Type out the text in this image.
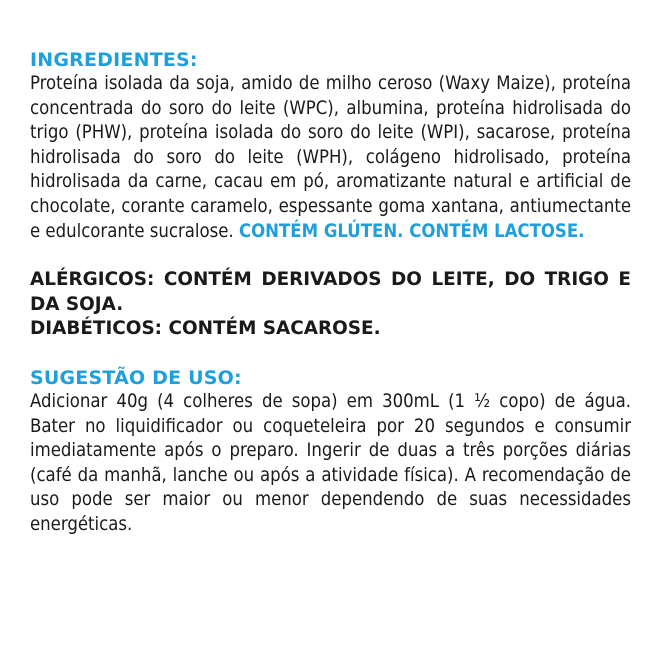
INGREDIENTES:

Proteína isolada da soja, amido de milho ceroso (Waxy Maize), proteína concentrada do soro do leite (WPC), albumina, proteína hidrolisada do trigo (PHW), proteína isolada do soro do leite (WPI), sacarose, proteína hidrolisada do soro do leite (WPH), colágeno hidrolisado, proteína hidrolisada da carne, cacau em pó, aromatizante natural e artificial de chocolate, corante caramelo, espessante goma xantana, antiumectante e edulcorante sucralose. CONTÉM GLÚTEN. CONTÉM LACTOSE.

ALÉRGICOS: CONTÉM DERIVADOS DO LEITE, DO TRIGO E DA SOJA.

DIABÉTICOS: CONTÉM SACAROSE.

SUGESTÃO DE USO:

Adicionar 40g (4 colheres de sopa) em 300mL (1 ½ copo) de água. Bater no liquidificador ou coqueteleira por 20 segundos e consumir imediatamente após o preparo. Ingerir de duas a três porções diárias (café da manhã, lanche ou após a atividade física). A recomendação de uso pode ser maior ou menor dependendo de suas necessidades energéticas.
